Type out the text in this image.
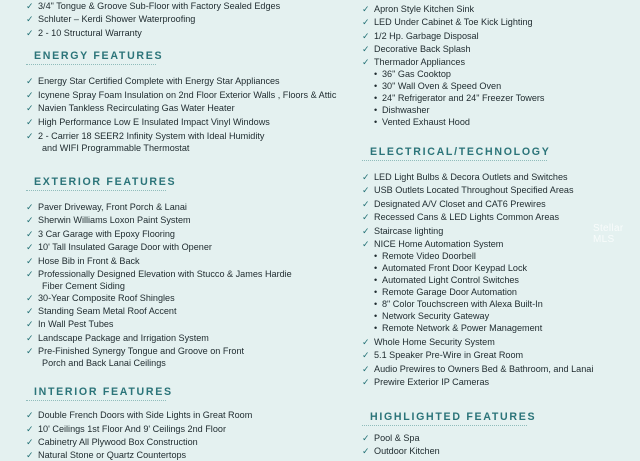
✓ 3/4" Tongue & Groove Sub-Floor with Factory Sealed Edges
✓ Schluter – Kerdi Shower Waterproofing
✓ 2 - 10 Structural Warranty
ENERGY FEATURES
✓ Energy Star Certified Complete with Energy Star Appliances
✓ Icynene Spray Foam Insulation on 2nd Floor Exterior Walls , Floors & Attic
✓ Navien Tankless Recirculating Gas Water Heater
✓ High Performance Low E Insulated Impact Vinyl Windows
✓ 2 - Carrier 18 SEER2 Infinity System with Ideal Humidity
and WIFI Programmable Thermostat
EXTERIOR FEATURES
✓ Paver Driveway, Front Porch & Lanai
✓ Sherwin Williams Loxon Paint System
✓ 3 Car Garage with Epoxy Flooring
✓ 10' Tall Insulated Garage Door with Opener
✓ Hose Bib in Front & Back
✓ Professionally Designed Elevation with Stucco & James Hardie
Fiber Cement Siding
✓ 30-Year Composite Roof Shingles
✓ Standing Seam Metal Roof Accent
✓ In Wall Pest Tubes
✓ Landscape Package and Irrigation System
✓ Pre-Finished Synergy Tongue and Groove on Front
Porch and Back Lanai Ceilings
INTERIOR FEATURES
✓ Double French Doors with Side Lights in Great Room
✓ 10' Ceilings 1st Floor And 9' Ceilings 2nd Floor
✓ Cabinetry All Plywood Box Construction
✓ Natural Stone or Quartz Countertops
✓ Apron Style Kitchen Sink
✓ LED Under Cabinet & Toe Kick Lighting
✓ 1/2 Hp. Garbage Disposal
✓ Decorative Back Splash
✓ Thermador Appliances
• 36" Gas Cooktop
• 30" Wall Oven & Speed Oven
• 24" Refrigerator and 24" Freezer Towers
• Dishwasher
• Vented Exhaust Hood
ELECTRICAL/TECHNOLOGY
✓ LED Light Bulbs & Decora Outlets and Switches
✓ USB Outlets Located Throughout Specified Areas
✓ Designated A/V Closet and CAT6 Prewires
✓ Recessed Cans & LED Lights Common Areas
✓ Staircase lighting
✓ NICE Home Automation System
• Remote Video Doorbell
• Automated Front Door Keypad Lock
• Automated Light Control Switches
• Remote Garage Door Automation
• 8" Color Touchscreen with Alexa Built-In
• Network Security Gateway
• Remote Network & Power Management
✓ Whole Home Security System
✓ 5.1 Speaker Pre-Wire in Great Room
✓ Audio Prewires to Owners Bed & Bathroom, and Lanai
✓ Prewire Exterior IP Cameras
HIGHLIGHTED FEATURES
✓ Pool & Spa
✓ Outdoor Kitchen
Stellar MLS
